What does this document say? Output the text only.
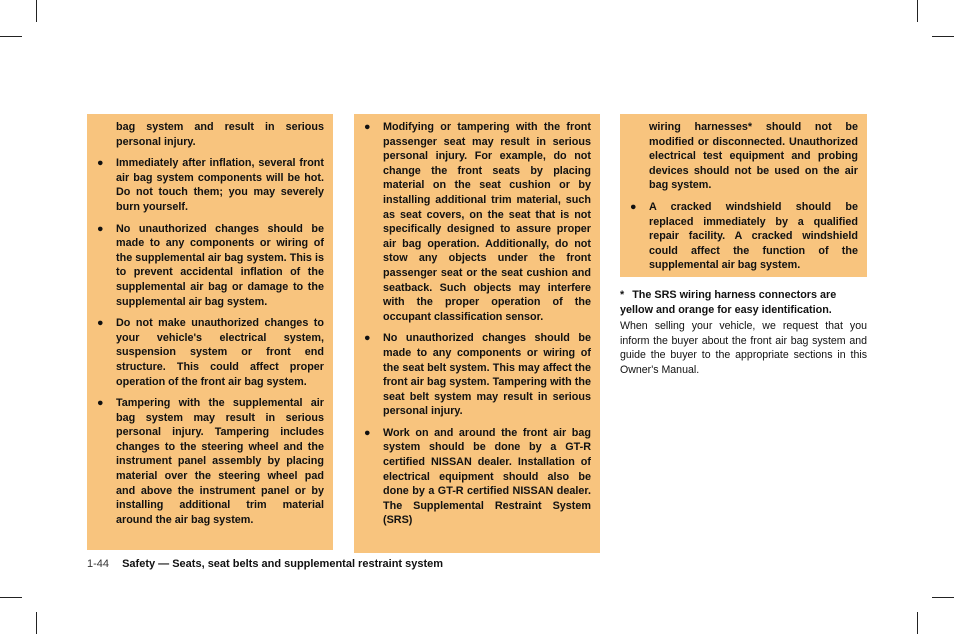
bag system and result in serious personal injury.
●	Immediately after inflation, several front air bag system components will be hot. Do not touch them; you may severely burn yourself.
●	No unauthorized changes should be made to any components or wiring of the supplemental air bag system. This is to prevent accidental inflation of the supplemental air bag or damage to the supplemental air bag system.
●	Do not make unauthorized changes to your vehicle's electrical system, suspension system or front end structure. This could affect proper operation of the front air bag system.
●	Tampering with the supplemental air bag system may result in serious personal injury. Tampering includes changes to the steering wheel and the instrument panel assembly by placing material over the steering wheel pad and above the instrument panel or by installing additional trim material around the air bag system.
●	Modifying or tampering with the front passenger seat may result in serious personal injury. For example, do not change the front seats by placing material on the seat cushion or by installing additional trim material, such as seat covers, on the seat that is not specifically designed to assure proper air bag operation. Additionally, do not stow any objects under the front passenger seat or the seat cushion and seatback. Such objects may interfere with the proper operation of the occupant classification sensor.
●	No unauthorized changes should be made to any components or wiring of the seat belt system. This may affect the front air bag system. Tampering with the seat belt system may result in serious personal injury.
●	Work on and around the front air bag system should be done by a GT-R certified NISSAN dealer. Installation of electrical equipment should also be done by a GT-R certified NISSAN dealer. The Supplemental Restraint System (SRS)
wiring harnesses* should not be modified or disconnected. Unauthorized electrical test equipment and probing devices should not be used on the air bag system.
●	A cracked windshield should be replaced immediately by a qualified repair facility. A cracked windshield could affect the function of the supplemental air bag system.

* The SRS wiring harness connectors are yellow and orange for easy identification.

When selling your vehicle, we request that you inform the buyer about the front air bag system and guide the buyer to the appropriate sections in this Owner's Manual.

1-44 Safety — Seats, seat belts and supplemental restraint system
